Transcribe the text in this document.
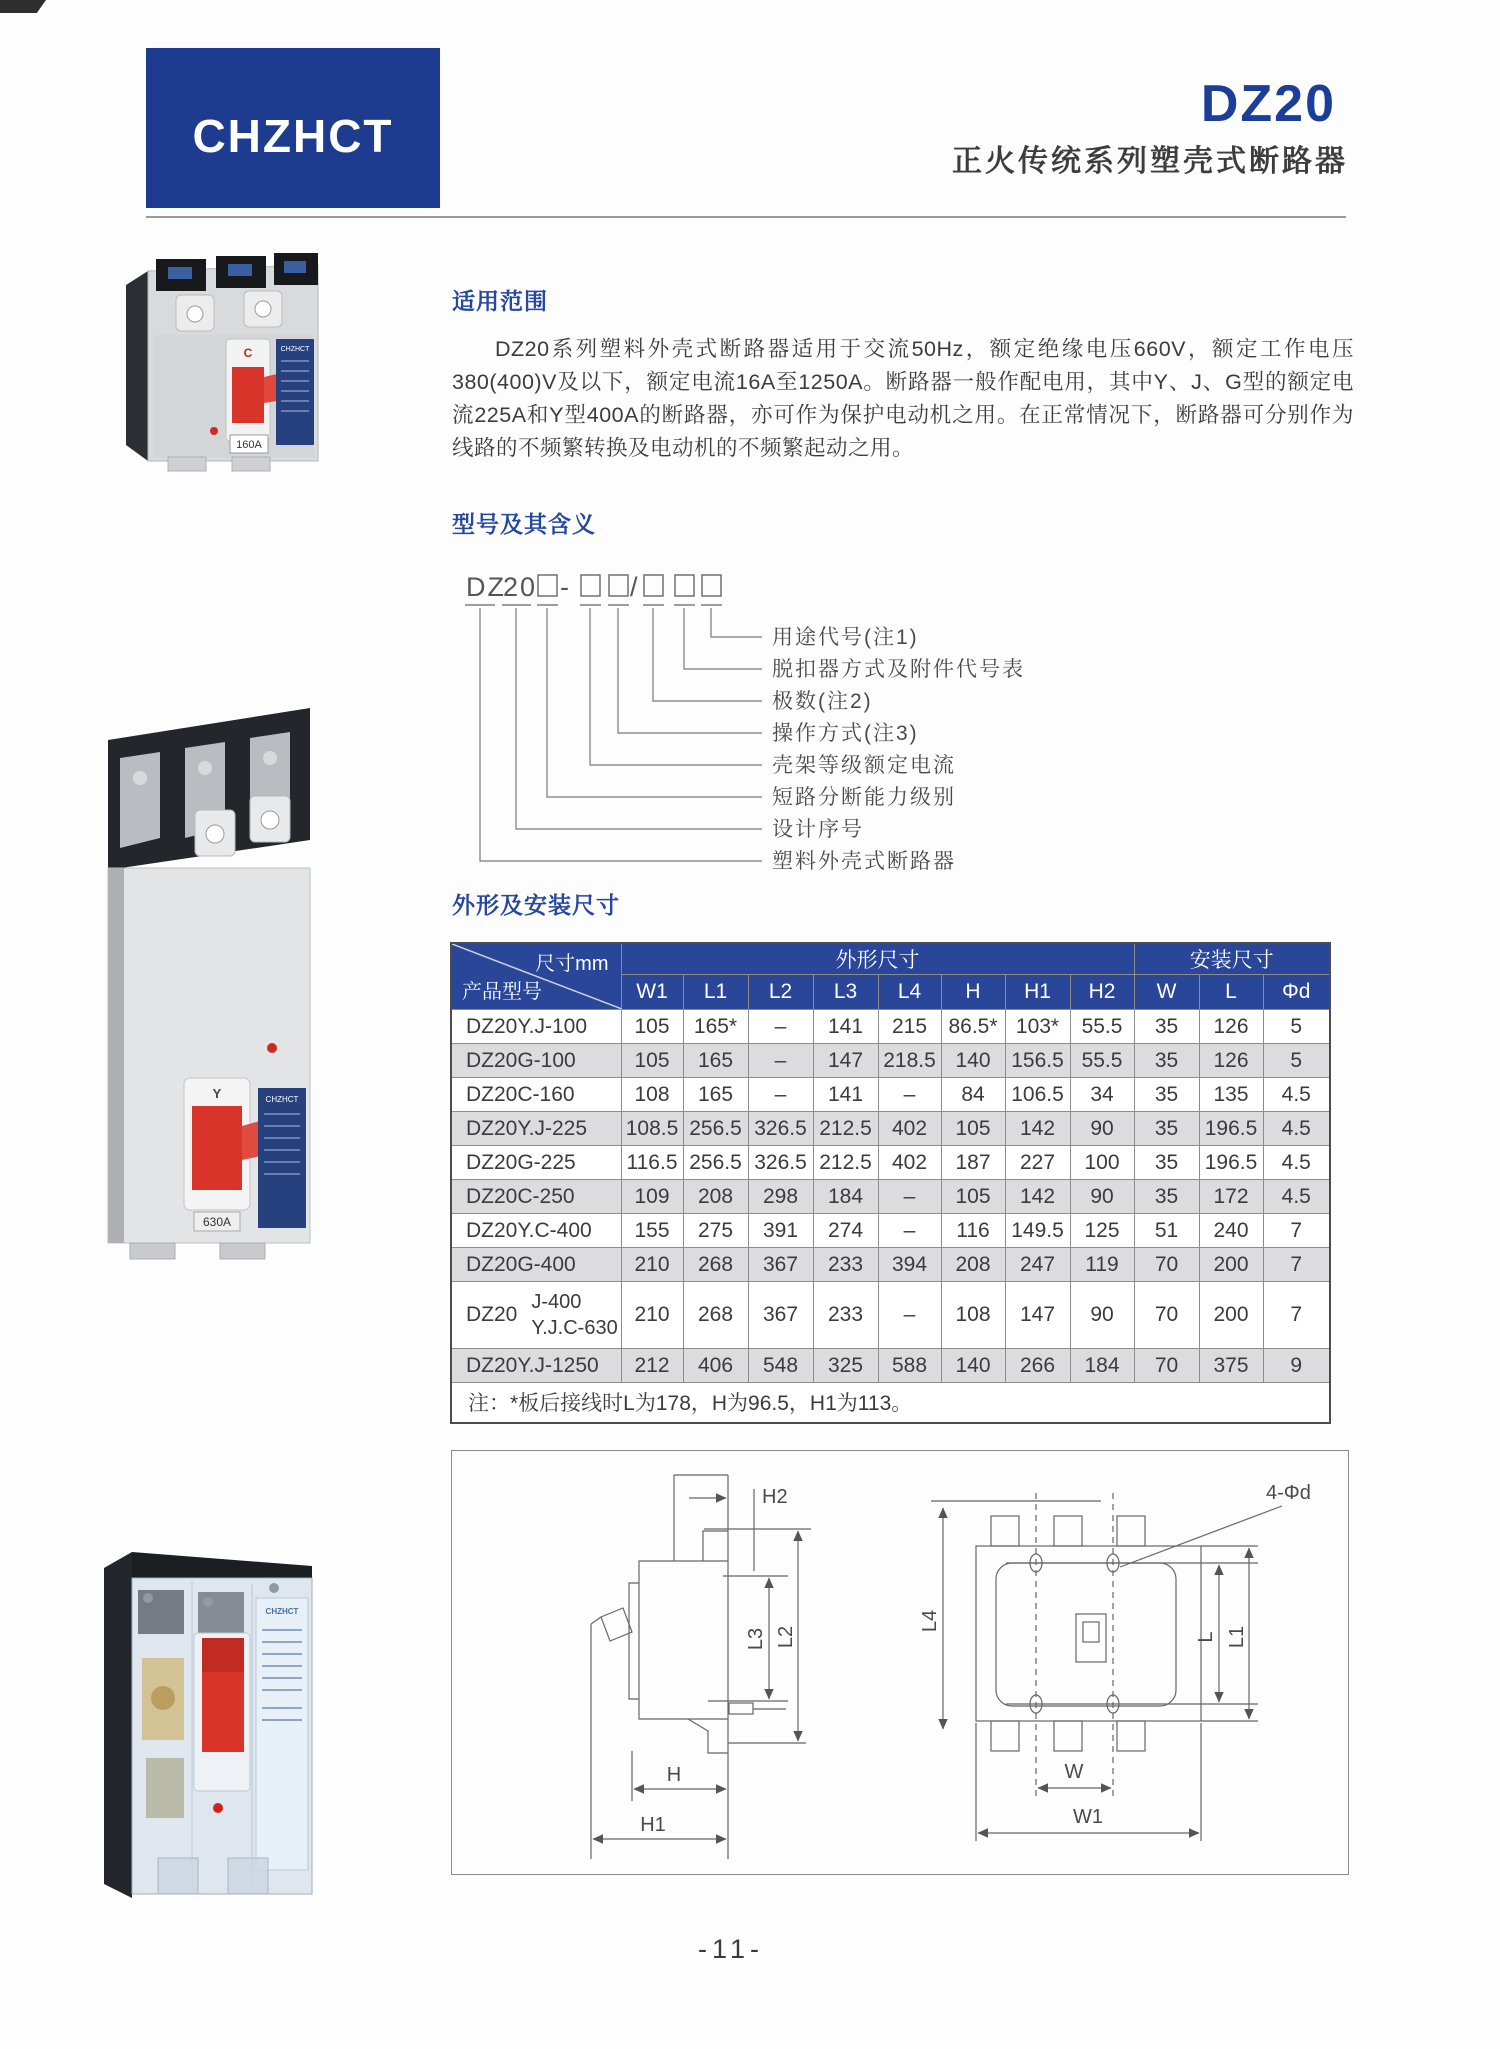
CHZHCT
DZ20
正火传统系列塑壳式断路器
C
160A
CHZHCT
Y
630A
CHZHCT
CHZHCT
适用范围
DZ20系列塑料外壳式断路器适用于交流50Hz，额定绝缘电压660V，额定工作电压380(400)V及以下，额定电流16A至1250A。断路器一般作配电用，其中Y、J、G型的额定电流225A和Y型400A的断路器，亦可作为保护电动机之用。在正常情况下，断路器可分别作为线路的不频繁转换及电动机的不频繁起动之用。
型号及其含义
DZ
20 - /
用途代号(注1)
脱扣器方式及附件代号表
极数(注2)
操作方式(注3)
壳架等级额定电流
短路分断能力级别
设计序号
塑料外壳式断路器
外形及安装尺寸
尺寸mm
产品型号	外形尺寸								安装尺寸		
	W1	L1	L2	L3	L4	H	H1	H2	W	L	Φd
DZ20Y.J-100	105	165*	–	141	215	86.5*	103*	55.5	35	126	5
DZ20G-100	105	165	–	147	218.5	140	156.5	55.5	35	126	5
DZ20C-160	108	165	–	141	–	84	106.5	34	35	135	4.5
DZ20Y.J-225	108.5	256.5	326.5	212.5	402	105	142	90	35	196.5	4.5
DZ20G-225	116.5	256.5	326.5	212.5	402	187	227	100	35	196.5	4.5
DZ20C-250	109	208	298	184	–	105	142	90	35	172	4.5
DZ20Y.C-400	155	275	391	274	–	116	149.5	125	51	240	7
DZ20G-400	210	268	367	233	394	208	247	119	70	200	7

DZ20
J-400
Y.J.C-630	210	268	367	233	–	108	147	90	70	200	7
DZ20Y.J-1250	212	406	548	325	588	140	266	184	70	375	9
注：*板后接线时L为178，H为96.5，H1为113。											
H2
L3 L2
H
H1
L4
4-Φd
L L1
W
W1
-11-
